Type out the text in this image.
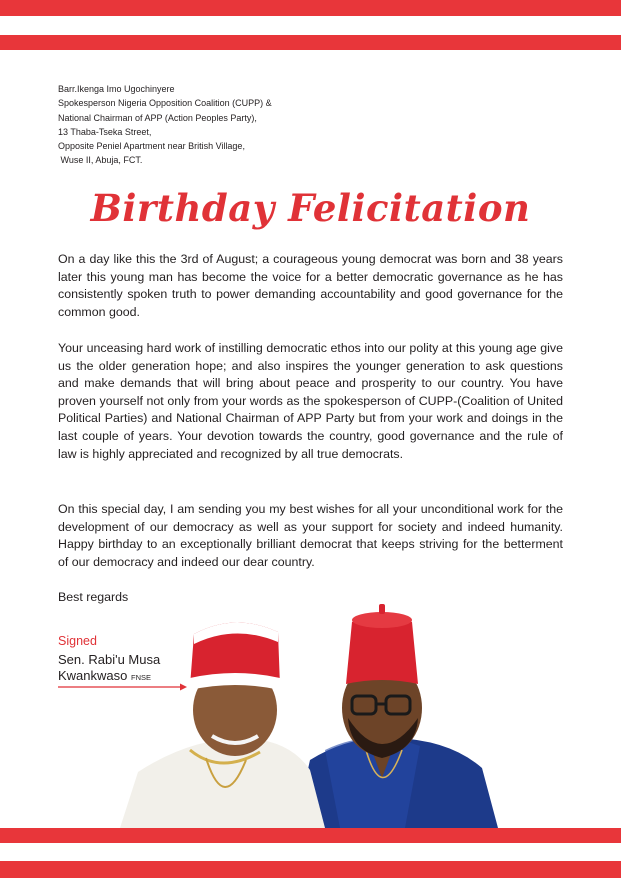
Barr.Ikenga Imo Ugochinyere
Spokesperson Nigeria Opposition Coalition (CUPP) &
National Chairman of APP (Action Peoples Party),
13 Thaba-Tseka Street,
Opposite Peniel Apartment near British Village,
Wuse II, Abuja, FCT.
Birthday Felicitation
On a day like this the 3rd of August; a courageous young democrat was born and 38 years later this young man has become the voice for a better democratic governance as he has consistently spoken truth to power demanding accountability and good governance for the common good.
Your unceasing hard work of instilling democratic ethos into our polity at this young age give us the older generation hope; and also inspires the younger generation to ask questions and make demands that will bring about peace and prosperity to our country. You have proven yourself not only from your words as the spokesperson of CUPP-(Coalition of United Political Parties) and National Chairman of APP Party but from your work and doings in the last couple of years. Your devotion towards the country, good governance and the rule of law is highly appreciated and recognized by all true democrats.
On this special day, I am sending you my best wishes for all your unconditional work for the development of our democracy as well as your support for society and indeed humanity. Happy birthday to an exceptionally brilliant democrat that keeps striving for the betterment of our democracy and indeed our dear country.
Best regards
Signed
Sen. Rabi'u Musa
Kwankwaso FNSE
